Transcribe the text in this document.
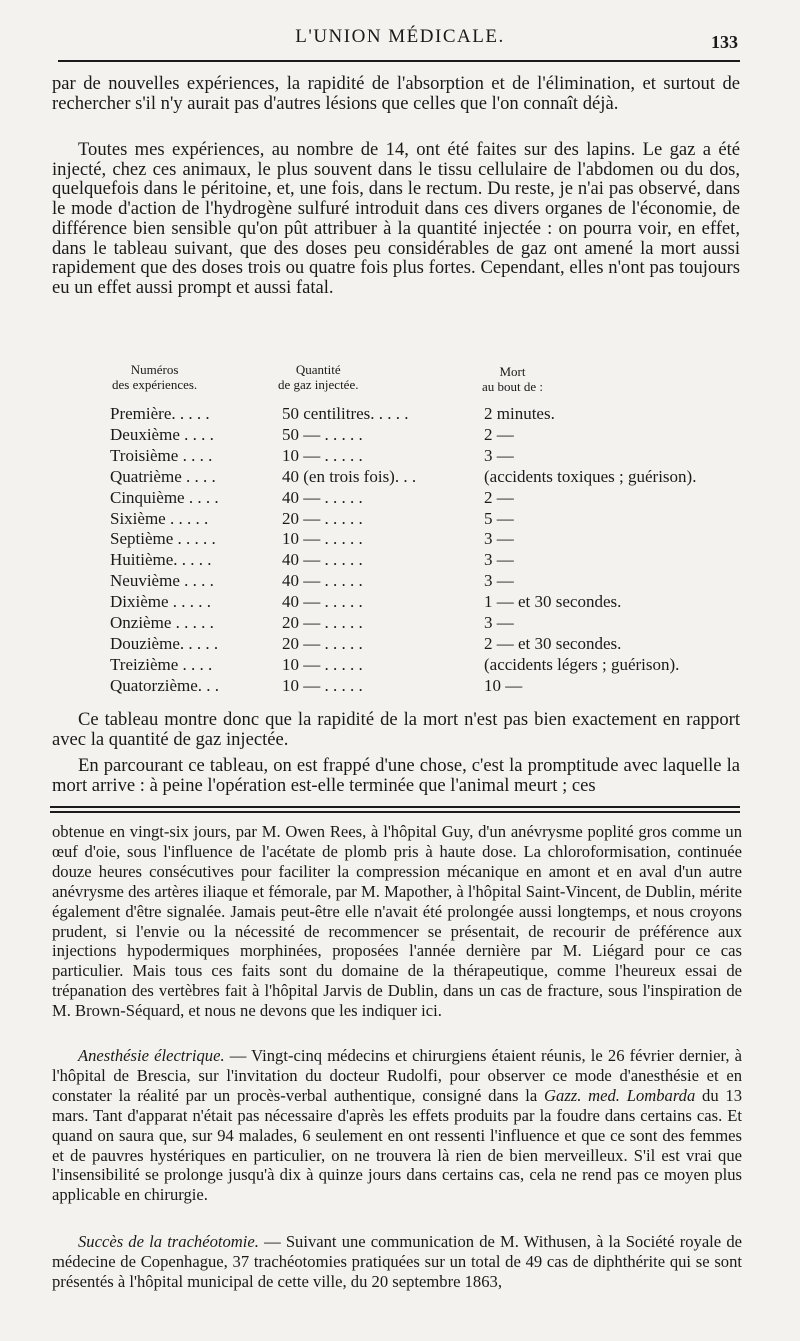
L'UNION MÉDICALE.	133

par de nouvelles expériences, la rapidité de l'absorption et de l'élimination, et surtout de rechercher s'il n'y aurait pas d'autres lésions que celles que l'on connaît déjà.

Toutes mes expériences, au nombre de 14, ont été faites sur des lapins. Le gaz a été injecté, chez ces animaux, le plus souvent dans le tissu cellulaire de l'abdomen ou du dos, quelquefois dans le péritoine, et, une fois, dans le rectum. Du reste, je n'ai pas observé, dans le mode d'action de l'hydrogène sulfuré introduit dans ces divers organes de l'économie, de différence bien sensible qu'on pût attribuer à la quantité injectée : on pourra voir, en effet, dans le tableau suivant, que des doses peu considérables de gaz ont amené la mort aussi rapidement que des doses trois ou quatre fois plus fortes. Cependant, elles n'ont pas toujours eu un effet aussi prompt et aussi fatal.

Numéros
des expériences.
Quantité
de gaz injectée.
Mort
au bout de :
Première. . . . .	50 centilitres. . . . .	2 minutes.
Deuxième . . . .	50 — . . . . .	2 —
Troisième . . . .	10 — . . . . .	3 —
Quatrième . . . .	40 (en trois fois). . .	(accidents toxiques ; guérison).
Cinquième . . . .	40 — . . . . .	2 —
Sixième . . . . .	20 — . . . . .	5 —
Septième . . . . .	10 — . . . . .	3 —
Huitième. . . . .	40 — . . . . .	3 —
Neuvième . . . .	40 — . . . . .	3 —
Dixième . . . . .	40 — . . . . .	1 — et 30 secondes.
Onzième . . . . .	20 — . . . . .	3 —
Douzième. . . . .	20 — . . . . .	2 — et 30 secondes.
Treizième . . . .	10 — . . . . .	(accidents légers ; guérison).
Quatorzième. . .	10 — . . . . .	10 —

Ce tableau montre donc que la rapidité de la mort n'est pas bien exactement en rapport avec la quantité de gaz injectée.

En parcourant ce tableau, on est frappé d'une chose, c'est la promptitude avec laquelle la mort arrive : à peine l'opération est-elle terminée que l'animal meurt ; ces

obtenue en vingt-six jours, par M. Owen Rees, à l'hôpital Guy, d'un anévrysme poplité gros comme un œuf d'oie, sous l'influence de l'acétate de plomb pris à haute dose. La chloroformisation, continuée douze heures consécutives pour faciliter la compression mécanique en amont et en aval d'un autre anévrysme des artères iliaque et fémorale, par M. Mapother, à l'hôpital Saint-Vincent, de Dublin, mérite également d'être signalée. Jamais peut-être elle n'avait été prolongée aussi longtemps, et nous croyons prudent, si l'envie ou la nécessité de recommencer se présentait, de recourir de préférence aux injections hypodermiques morphinées, proposées l'année dernière par M. Liégard pour ce cas particulier. Mais tous ces faits sont du domaine de la thérapeutique, comme l'heureux essai de trépanation des vertèbres fait à l'hôpital Jarvis de Dublin, dans un cas de fracture, sous l'inspiration de M. Brown-Séquard, et nous ne devons que les indiquer ici.

Anesthésie électrique. — Vingt-cinq médecins et chirurgiens étaient réunis, le 26 février dernier, à l'hôpital de Brescia, sur l'invitation du docteur Rudolfi, pour observer ce mode d'anesthésie et en constater la réalité par un procès-verbal authentique, consigné dans la Gazz. med. Lombarda du 13 mars. Tant d'apparat n'était pas nécessaire d'après les effets produits par la foudre dans certains cas. Et quand on saura que, sur 94 malades, 6 seulement en ont ressenti l'influence et que ce sont des femmes et de pauvres hystériques en particulier, on ne trouvera là rien de bien merveilleux. S'il est vrai que l'insensibilité se prolonge jusqu'à dix à quinze jours dans certains cas, cela ne rend pas ce moyen plus applicable en chirurgie.

Succès de la trachéotomie. — Suivant une communication de M. Withusen, à la Société royale de médecine de Copenhague, 37 trachéotomies pratiquées sur un total de 49 cas de diphthérite qui se sont présentés à l'hôpital municipal de cette ville, du 20 septembre 1863,
